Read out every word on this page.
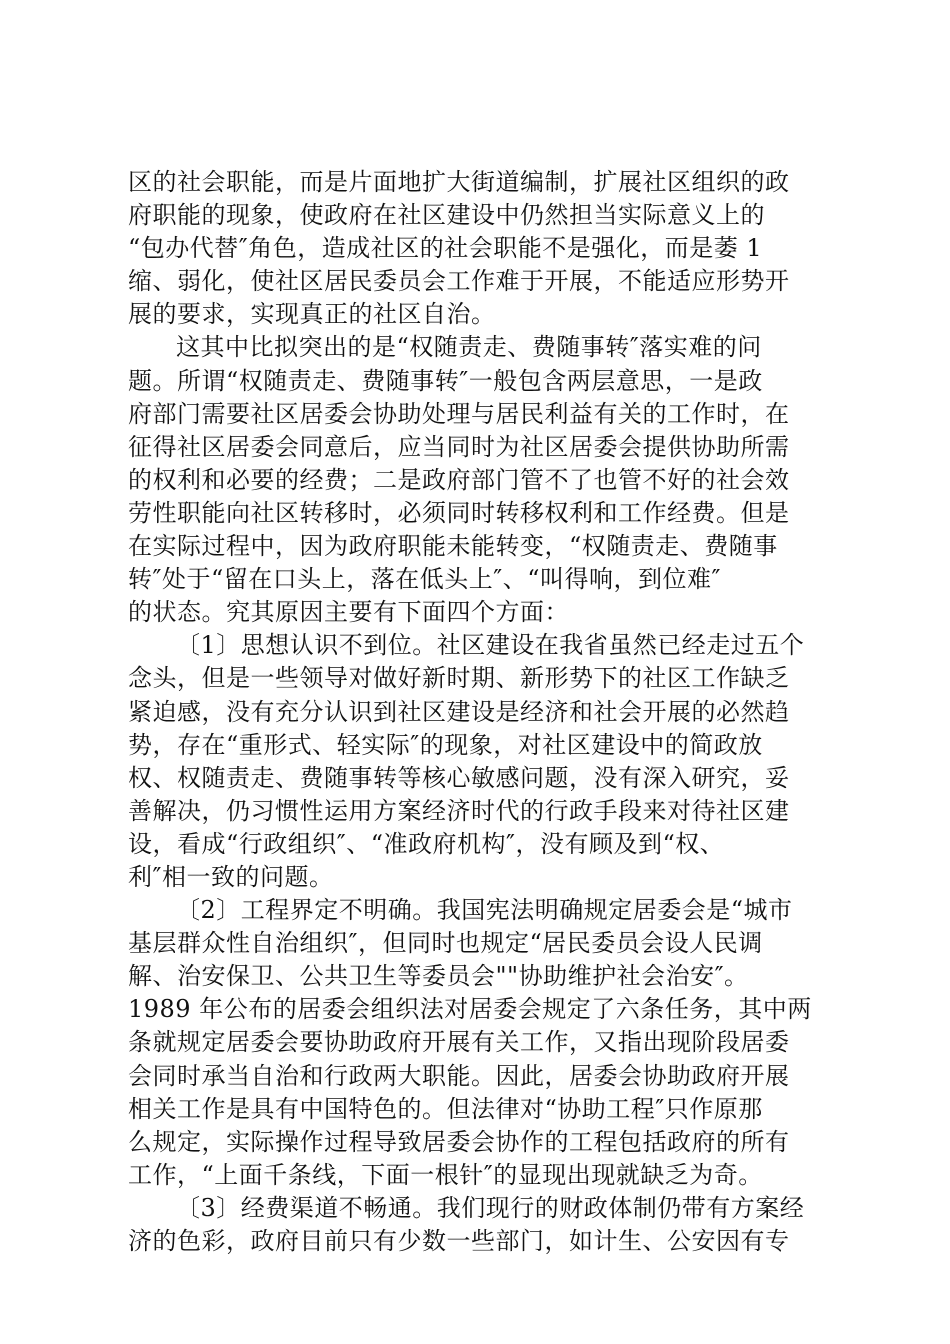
区的社会职能，而是片面地扩大街道编制，扩展社区组织的政
府职能的现象，使政府在社区建设中仍然担当实际意义上的
“包办代替″角色，造成社区的社会职能不是强化，而是萎 1
缩、弱化，使社区居民委员会工作难于开展，不能适应形势开
展的要求，实现真正的社区自治。
这其中比拟突出的是“权随责走、费随事转″落实难的问
题。所谓“权随责走、费随事转″一般包含两层意思，一是政
府部门需要社区居委会协助处理与居民利益有关的工作时，在
征得社区居委会同意后，应当同时为社区居委会提供协助所需
的权利和必要的经费；二是政府部门管不了也管不好的社会效
劳性职能向社区转移时，必须同时转移权利和工作经费。但是
在实际过程中，因为政府职能未能转变，“权随责走、费随事
转″处于“留在口头上，落在低头上″、“叫得响，到位难″
的状态。究其原因主要有下面四个方面：
〔1〕思想认识不到位。社区建设在我省虽然已经走过五个
念头，但是一些领导对做好新时期、新形势下的社区工作缺乏
紧迫感，没有充分认识到社区建设是经济和社会开展的必然趋
势，存在“重形式、轻实际″的现象，对社区建设中的简政放
权、权随责走、费随事转等核心敏感问题，没有深入研究，妥
善解决，仍习惯性运用方案经济时代的行政手段来对待社区建
设，看成“行政组织″、“准政府机构″，没有顾及到“权、
利″相一致的问题。
〔2〕工程界定不明确。我国宪法明确规定居委会是“城市
基层群众性自治组织″，但同时也规定“居民委员会设人民调
解、治安保卫、公共卫生等委员会""协助维护社会治安″。
1989 年公布的居委会组织法对居委会规定了六条任务，其中两
条就规定居委会要协助政府开展有关工作，又指出现阶段居委
会同时承当自治和行政两大职能。因此，居委会协助政府开展
相关工作是具有中国特色的。但法律对“协助工程″只作原那
么规定，实际操作过程导致居委会协作的工程包括政府的所有
工作，“上面千条线，下面一根针″的显现出现就缺乏为奇。
〔3〕经费渠道不畅通。我们现行的财政体制仍带有方案经
济的色彩，政府目前只有少数一些部门，如计生、公安因有专
